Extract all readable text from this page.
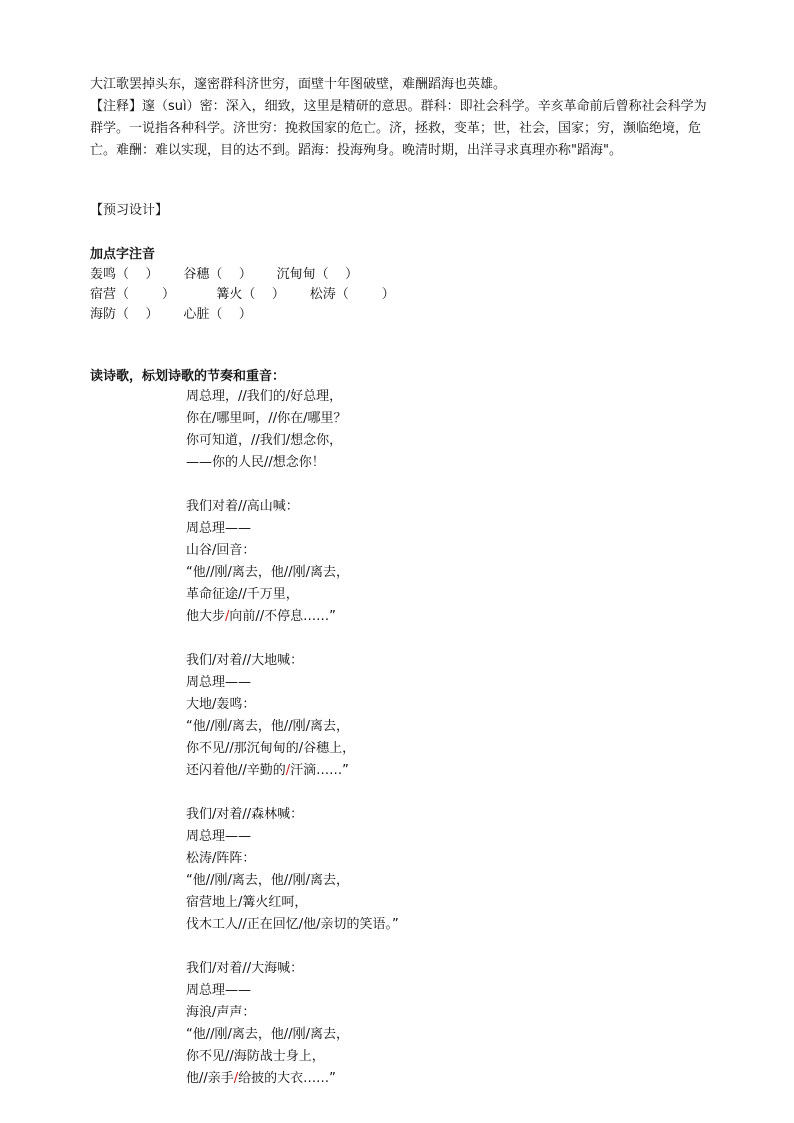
大江歌罢掉头东，邃密群科济世穷，面壁十年图破壁，难酬蹈海也英雄。

【注释】邃（suì）密：深入，细致，这里是精研的意思。群科：即社会科学。辛亥革命前后曾称社会科学为群学。一说指各种科学。济世穷：挽救国家的危亡。济，拯救，变革；世，社会，国家；穷，濒临绝境，危亡。难酬：难以实现，目的达不到。蹈海：投海殉身。晚清时期，出洋寻求真理亦称"蹈海"。

【预习设计】
加点字注音
轰鸣（    ）      谷穗（    ）      沉甸甸（    ）
宿营（        ）          篝火（    ）      松涛（        ）
海防（    ）      心脏（    ）
读诗歌，标划诗歌的节奏和重音：
周总理，//我们的/好总理，
你在/哪里呵，//你在/哪里？
你可知道，//我们/想念你，
——你的人民//想念你！
我们对着//高山喊：
周总理——
山谷/回音：
“他//刚/离去，他//刚/离去，
革命征途//千万里，
他大步/向前//不停息……”
我们/对着//大地喊：
周总理——
大地/轰鸣：
“他//刚/离去，他//刚/离去，
你不见//那沉甸甸的/谷穗上，
还闪着他//辛勤的/汗滴……”
我们/对着//森林喊：
周总理——
松涛/阵阵：
“他//刚/离去，他//刚/离去，
宿营地上/篝火红呵，
伐木工人//正在回忆/他/亲切的笑语。”
我们/对着//大海喊：
周总理——
海浪/声声：
“他//刚/离去，他//刚/离去，
你不见//海防战士身上，
他//亲手/给披的大衣……”
